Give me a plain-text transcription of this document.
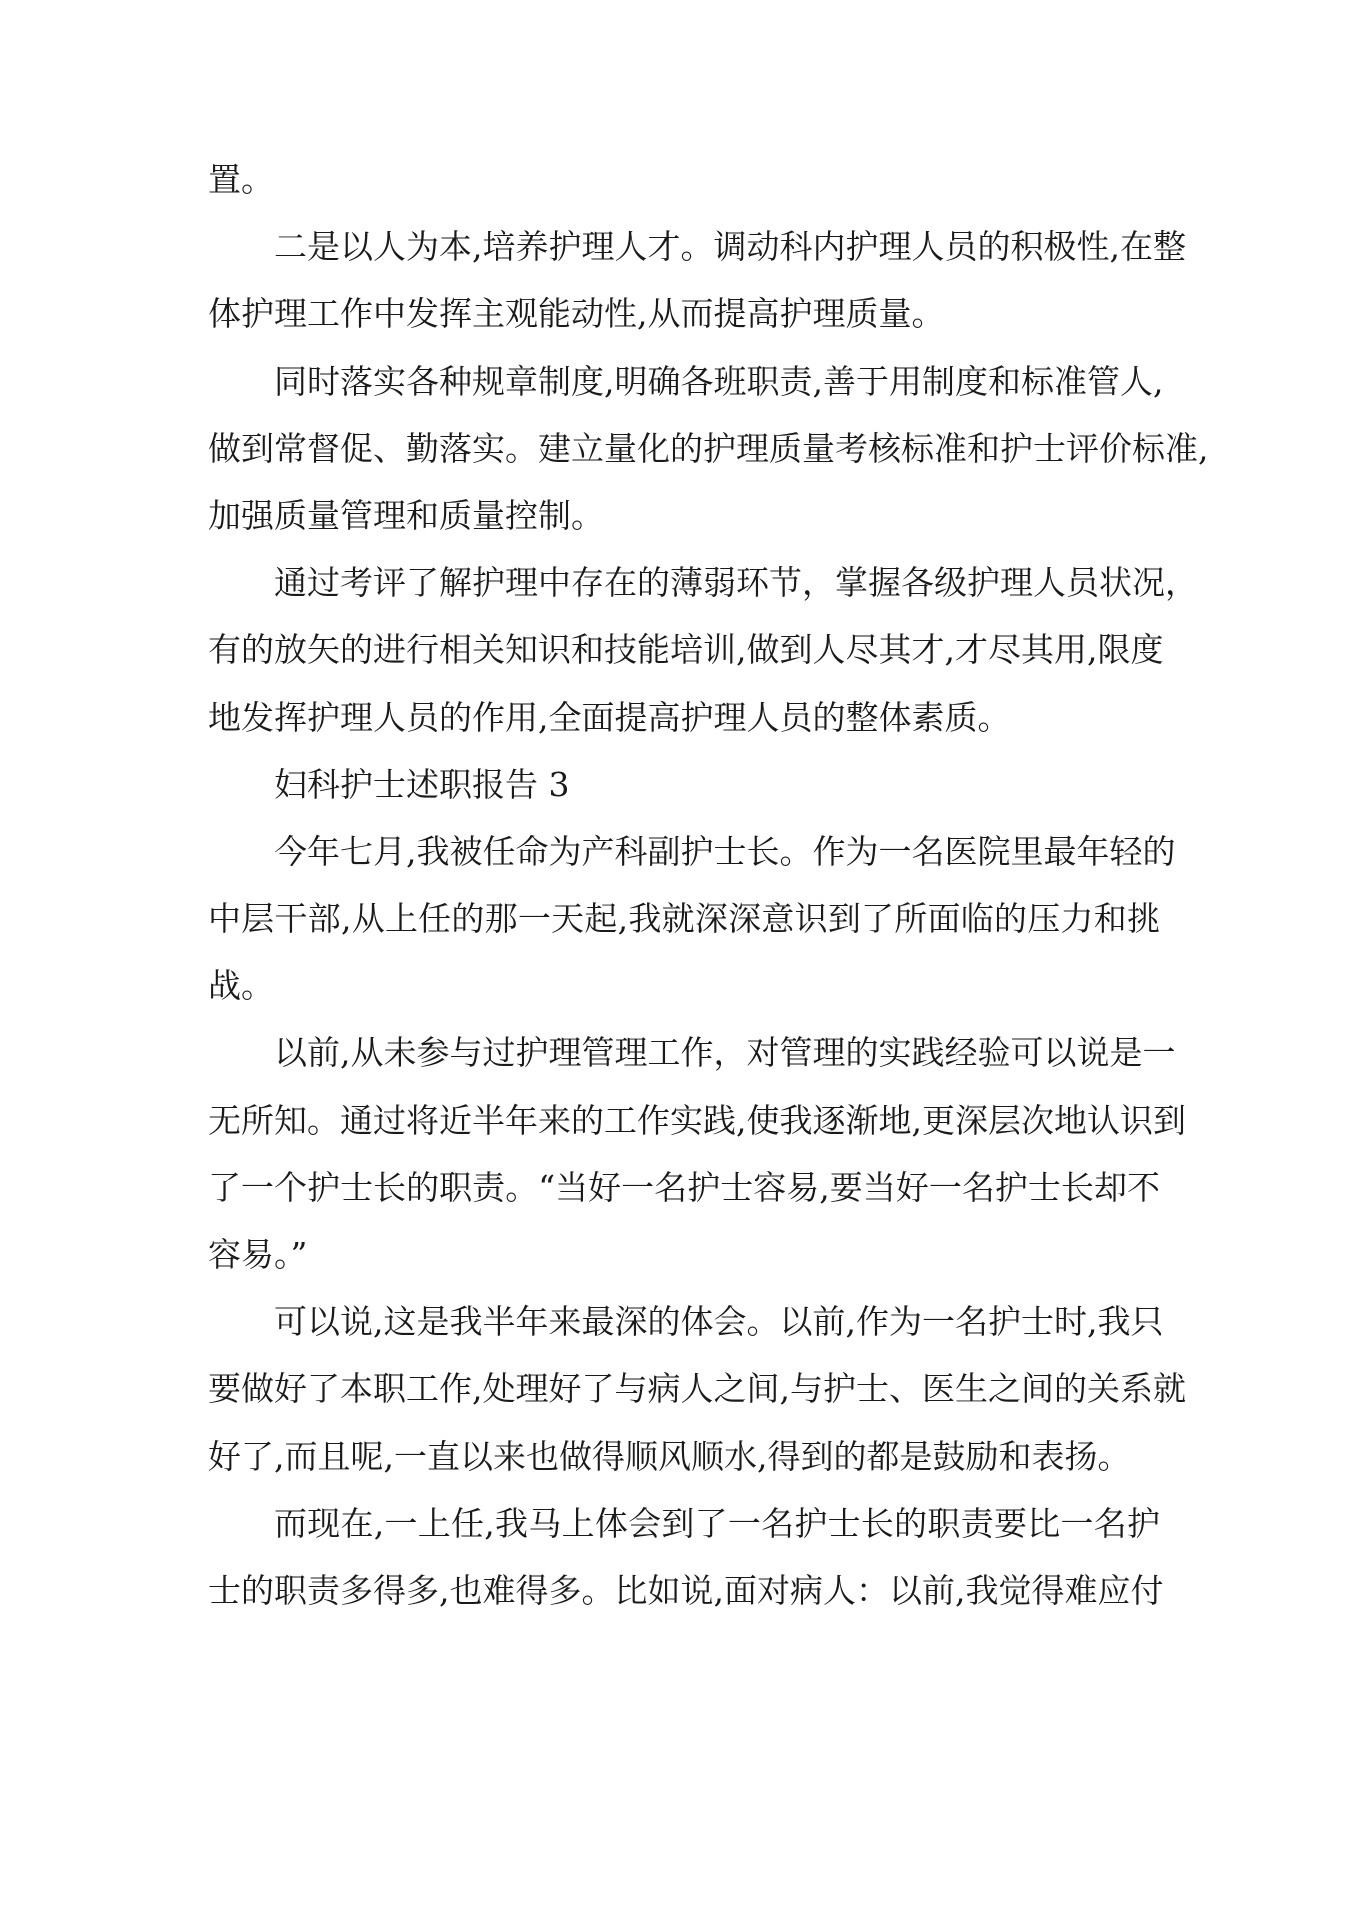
置。
二是以人为本,培养护理人才。调动科内护理人员的积极性,在整
体护理工作中发挥主观能动性,从而提高护理质量。
同时落实各种规章制度,明确各班职责,善于用制度和标准管人,
做到常督促、勤落实。建立量化的护理质量考核标准和护士评价标准,
加强质量管理和质量控制。
通过考评了解护理中存在的薄弱环节，掌握各级护理人员状况，
有的放矢的进行相关知识和技能培训,做到人尽其才,才尽其用,限度
地发挥护理人员的作用,全面提高护理人员的整体素质。
妇科护士述职报告 3
今年七月,我被任命为产科副护士长。作为一名医院里最年轻的
中层干部,从上任的那一天起,我就深深意识到了所面临的压力和挑
战。
以前,从未参与过护理管理工作，对管理的实践经验可以说是一
无所知。通过将近半年来的工作实践,使我逐渐地,更深层次地认识到
了一个护士长的职责。“当好一名护士容易,要当好一名护士长却不
容易。”
可以说,这是我半年来最深的体会。以前,作为一名护士时,我只
要做好了本职工作,处理好了与病人之间,与护士、医生之间的关系就
好了,而且呢,一直以来也做得顺风顺水,得到的都是鼓励和表扬。
而现在,一上任,我马上体会到了一名护士长的职责要比一名护
士的职责多得多,也难得多。比如说,面对病人：以前,我觉得难应付
